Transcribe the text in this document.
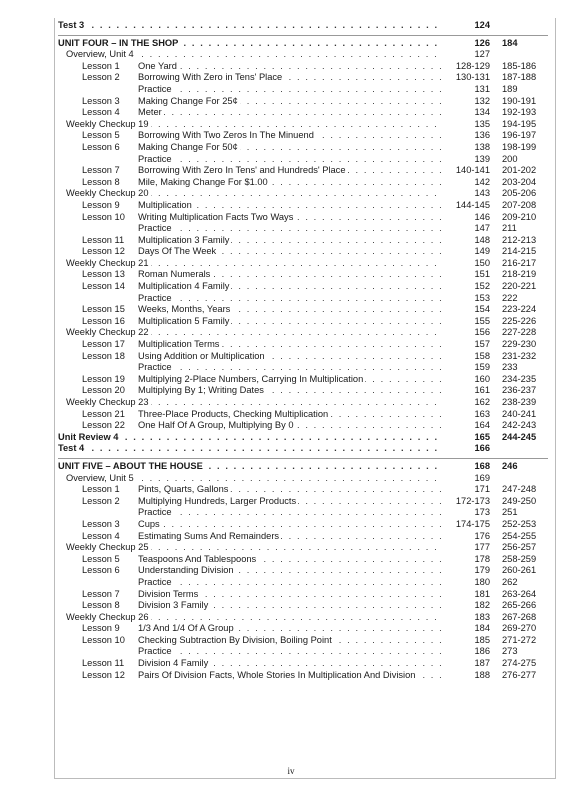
. . .
Test 3	124
. . .
UNIT FOUR – IN THE SHOP	126 184
. . .
Overview, Unit 4	127
Lesson 1 . . . One Yard	128-129 185-186
Lesson 2 . . . Borrowing With Zero in Tens' Place	130-131 187-188
. . .
Practice	131 189
Lesson 3 . . . Making Change For 25¢	132 190-191
Lesson 4 . . . Meter	134 192-193
. . .
Weekly Checkup 19	135 194-195
Lesson 5 . . . Borrowing With Two Zeros In The Minuend	136 196-197
Lesson 6 . . . Making Change For 50¢	138 198-199
. . .
Practice	139 200
Lesson 7 . . . Borrowing With Zero In Tens' and Hundreds' Place	140-141 201-202
Lesson 8 . . . Mile, Making Change For $1.00	142 203-204
. . .
Weekly Checkup 20	143 205-206
Lesson 9 . . . Multiplication	144-145 207-208
Lesson 10 . . . Writing Multiplication Facts Two Ways	146 209-210
. . .
Practice	147 211
Lesson 11 . . . Multiplication 3 Family	148 212-213
Lesson 12 . . . Days Of The Week	149 214-215
. . .
Weekly Checkup 21	150 216-217
Lesson 13 . . . Roman Numerals	151 218-219
Lesson 14 . . . Multiplication 4 Family	152 220-221
. . .
Practice	153 222
Lesson 15 . . . Weeks, Months, Years	154 223-224
Lesson 16 . . . Multiplication 5 Family	155 225-226
. . .
Weekly Checkup 22	156 227-228
Lesson 17 . . . Multiplication Terms	157 229-230
Lesson 18 . . . Using Addition or Multiplication	158 231-232
. . .
Practice	159 233
Lesson 19 . . . Multiplying 2-Place Numbers, Carrying In Multiplication	160 234-235
Lesson 20 . . . Multiplying By 1; Writing Dates	161 236-237
. . .
Weekly Checkup 23	162 238-239
Lesson 21 . . . Three-Place Products, Checking Multiplication	163 240-241
Lesson 22 . . . One Half Of A Group, Multiplying By 0	164 242-243
. . .
Unit Review 4	165 244-245
. . .
Test 4	166
. . .
UNIT FIVE – ABOUT THE HOUSE	168 246
. . .
Overview, Unit 5	169
Lesson 1 . . . Pints, Quarts, Gallons	171 247-248
Lesson 2 . . . Multiplying Hundreds, Larger Products	172-173 249-250
. . .
Practice	173 251
Lesson 3 . . . Cups	174-175 252-253
Lesson 4 . . . Estimating Sums And Remainders	176 254-255
. . .
Weekly Checkup 25	177 256-257
Lesson 5 . . . Teaspoons And Tablespoons	178 258-259
Lesson 6 . . . Understanding Division	179 260-261
. . .
Practice	180 262
Lesson 7 . . . Division Terms	181 263-264
Lesson 8 . . . Division 3 Family	182 265-266
. . .
Weekly Checkup 26	183 267-268
Lesson 9 . . . 1/3 And 1/4 Of A Group	184 269-270
Lesson 10 . . . Checking Subtraction By Division, Boiling Point	185 271-272
. . .
Practice	186 273
Lesson 11 . . . Division 4 Family	187 274-275
Lesson 12 . . . Pairs Of Division Facts, Whole Stories In Multiplication And Division	188 276-277
iv
